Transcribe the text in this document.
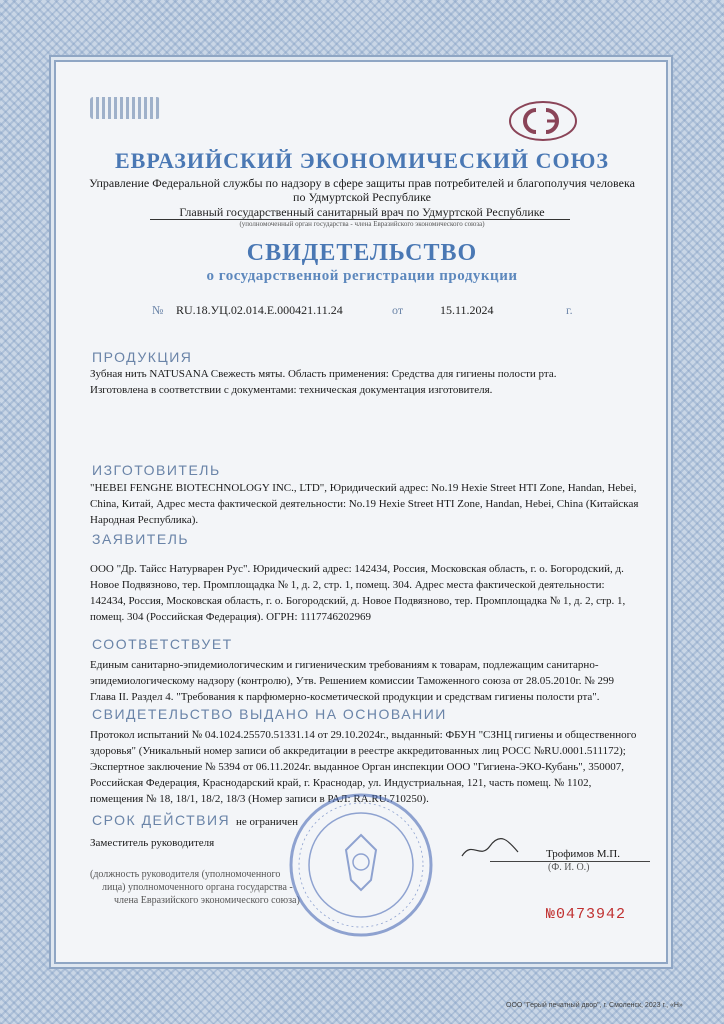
ЕВРАЗИЙСКИЙ ЭКОНОМИЧЕСКИЙ СОЮЗ
Управление Федеральной службы по надзору в сфере защиты прав потребителей и благополучия человека
по Удмуртской Республике
Главный государственный санитарный врач по Удмуртской Республике
(уполномоченный орган государства - члена Евразийского экономического союза)
СВИДЕТЕЛЬСТВО
о государственной регистрации продукции
№ RU.18.УЦ.02.014.Е.000421.11.24	от	15.11.2024	г.
ПРОДУКЦИЯ
Зубная нить NATUSANA Свежесть мяты. Область применения: Средства для гигиены полости рта.
Изготовлена в соответствии с документами: техническая документация изготовителя.
ИЗГОТОВИТЕЛЬ
"HEBEI FENGHE BIOTECHNOLOGY INC., LTD", Юридический адрес: No.19 Hexie Street HTI Zone, Handan, Hebei, China, Китай, Адрес места фактической деятельности: No.19 Hexie Street HTI Zone, Handan, Hebei, China (Китайская Народная Республика).
ЗАЯВИТЕЛЬ
ООО "Др. Тайсс Натурварен Рус". Юридический адрес: 142434, Россия, Московская область, г. о. Богородский, д. Новое Подвязново, тер. Промплощадка № 1, д. 2, стр. 1, помещ. 304. Адрес места фактической деятельности: 142434, Россия, Московская область, г. о. Богородский, д. Новое Подвязново, тер. Промплощадка № 1, д. 2, стр. 1, помещ. 304 (Российская Федерация). ОГРН: 1117746202969
СООТВЕТСТВУЕТ
Единым санитарно-эпидемиологическим и гигиеническим требованиям к товарам, подлежащим санитарно-эпидемиологическому надзору (контролю), Утв. Решением комиссии Таможенного союза от 28.05.2010г. № 299 Глава II. Раздел 4. "Требования к парфюмерно-косметической продукции и средствам гигиены полости рта".
СВИДЕТЕЛЬСТВО ВЫДАНО НА ОСНОВАНИИ
Протокол испытаний № 04.1024.25570.51331.14 от 29.10.2024г., выданный: ФБУН "СЗНЦ гигиены и общественного здоровья" (Уникальный номер записи об аккредитации в реестре аккредитованных лиц РОСС №RU.0001.511172); Экспертное заключение № 5394 от 06.11.2024г. выданное Орган инспекции ООО "Гигиена-ЭКО-Кубань", 350007, Российская Федерация, Краснодарский край, г. Краснодар, ул. Индустриальная, 121, часть помещ. № 1102, помещения № 18, 18/1, 18/2, 18/3 (Номер записи в РАЛ: RA.RU.710250).
СРОК ДЕЙСТВИЯ не ограничен
Заместитель руководителя
Трофимов М.П.
(Ф. И. О.)
(должность руководителя (уполномоченного
лица) уполномоченного органа государства -
члена Евразийского экономического союза)
№0473942
ООО "Герый печатный двор", г. Смоленск, 2023 г., «Н»
